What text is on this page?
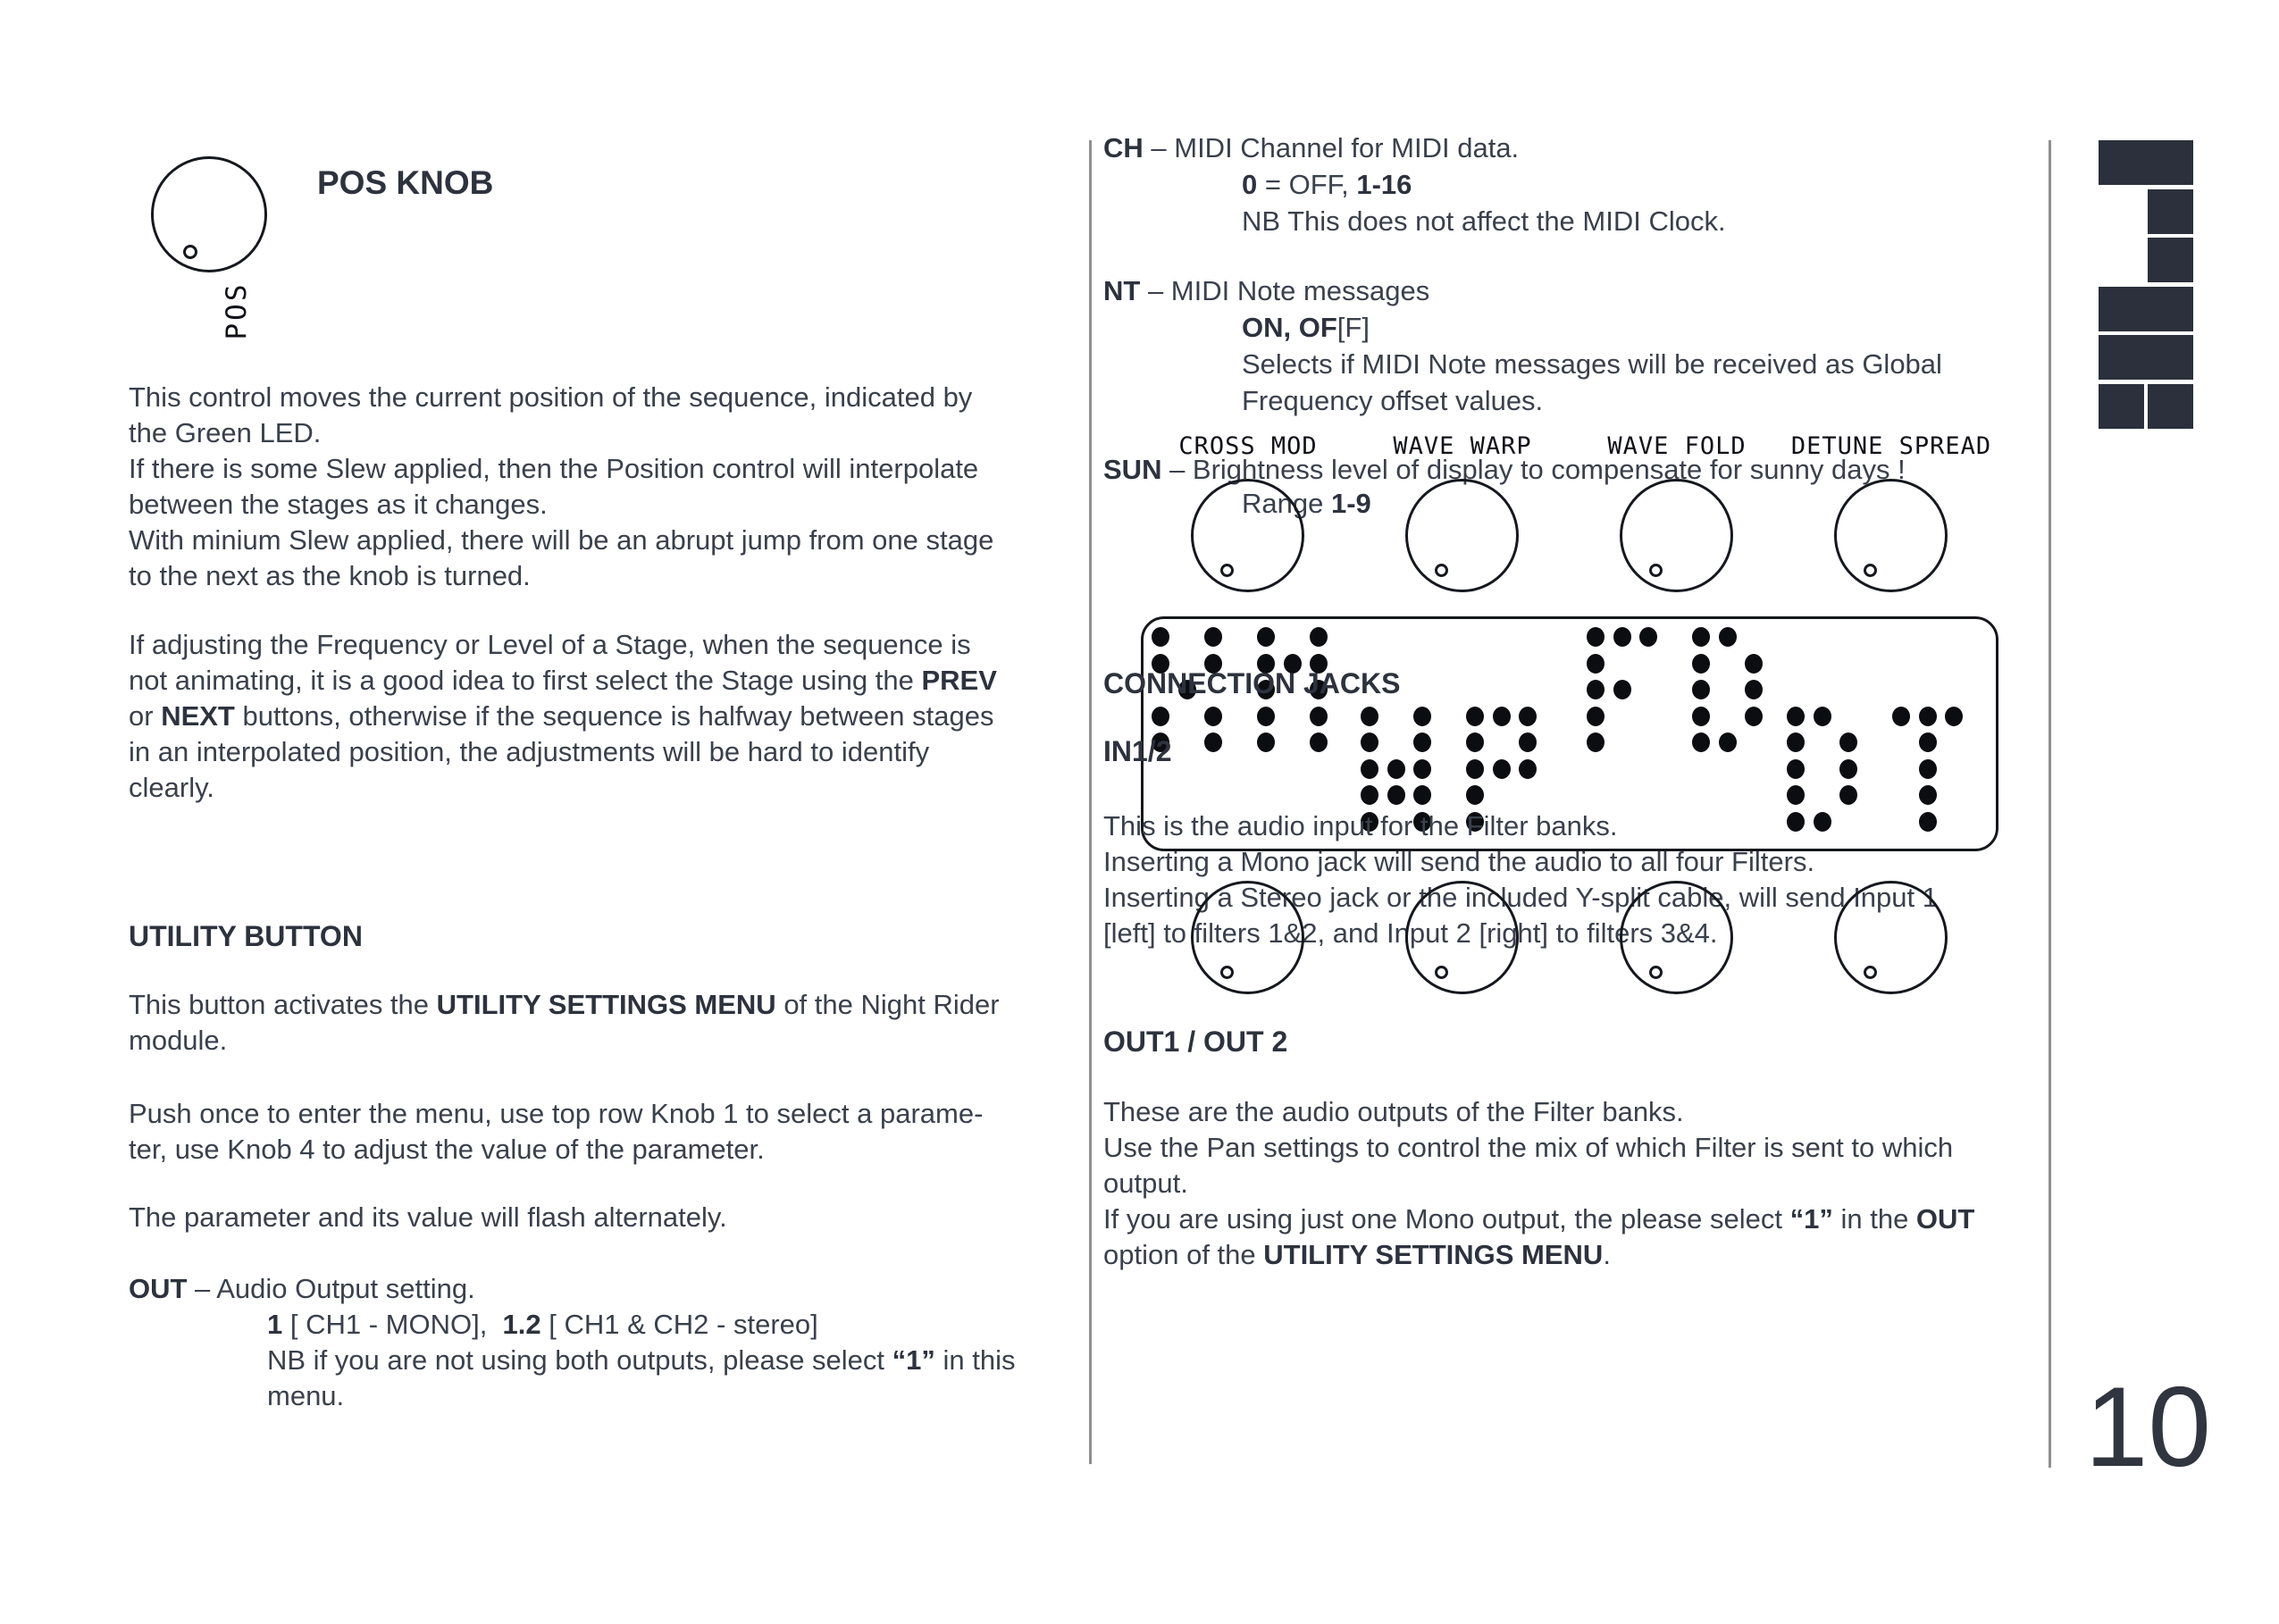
POS KNOB
POS
This control moves the current position of the sequence, indicated by
the Green LED.
If there is some Slew applied, then the Position control will interpolate
between the stages as it changes.
With minium Slew applied, there will be an abrupt jump from one stage
to the next as the knob is turned.
If adjusting the Frequency or Level of a Stage, when the sequence is
not animating, it is a good idea to first select the Stage using the PREV
or NEXT buttons, otherwise if the sequence is halfway between stages
in an interpolated position, the adjustments will be hard to identify
clearly.
UTILITY BUTTON
This button activates the UTILITY SETTINGS MENU of the Night Rider
module.
Push once to enter the menu, use top row Knob 1 to select a parame-
ter, use Knob 4 to adjust the value of the parameter.
The parameter and its value will flash alternately.
OUT – Audio Output setting.
1 [ CH1 - MONO],  1.2 [ CH1 & CH2 - stereo]
NB if you are not using both outputs, please select “1” in this
menu.
CH – MIDI Channel for MIDI data.
0 = OFF, 1-16
NB This does not affect the MIDI Clock.
NT – MIDI Note messages
ON, OF[F]
Selects if MIDI Note messages will be received as Global
Frequency offset values.
SUN – Brightness level of display to compensate for sunny days !
Range 1-9
CROSS MOD	WAVE WARP	WAVE FOLD DETUNE SPREAD
CONNECTION JACKS
IN1/2
This is the audio input for the Filter banks.
Inserting a Mono jack will send the audio to all four Filters.
Inserting a Stereo jack or the included Y-split cable, will send Input 1
[left] to filters 1&2, and Input 2 [right] to filters 3&4.
OUT1 / OUT 2
These are the audio outputs of the Filter banks.
Use the Pan settings to control the mix of which Filter is sent to which
output.
If you are using just one Mono output, the please select “1” in the OUT
option of the UTILITY SETTINGS MENU.
10
